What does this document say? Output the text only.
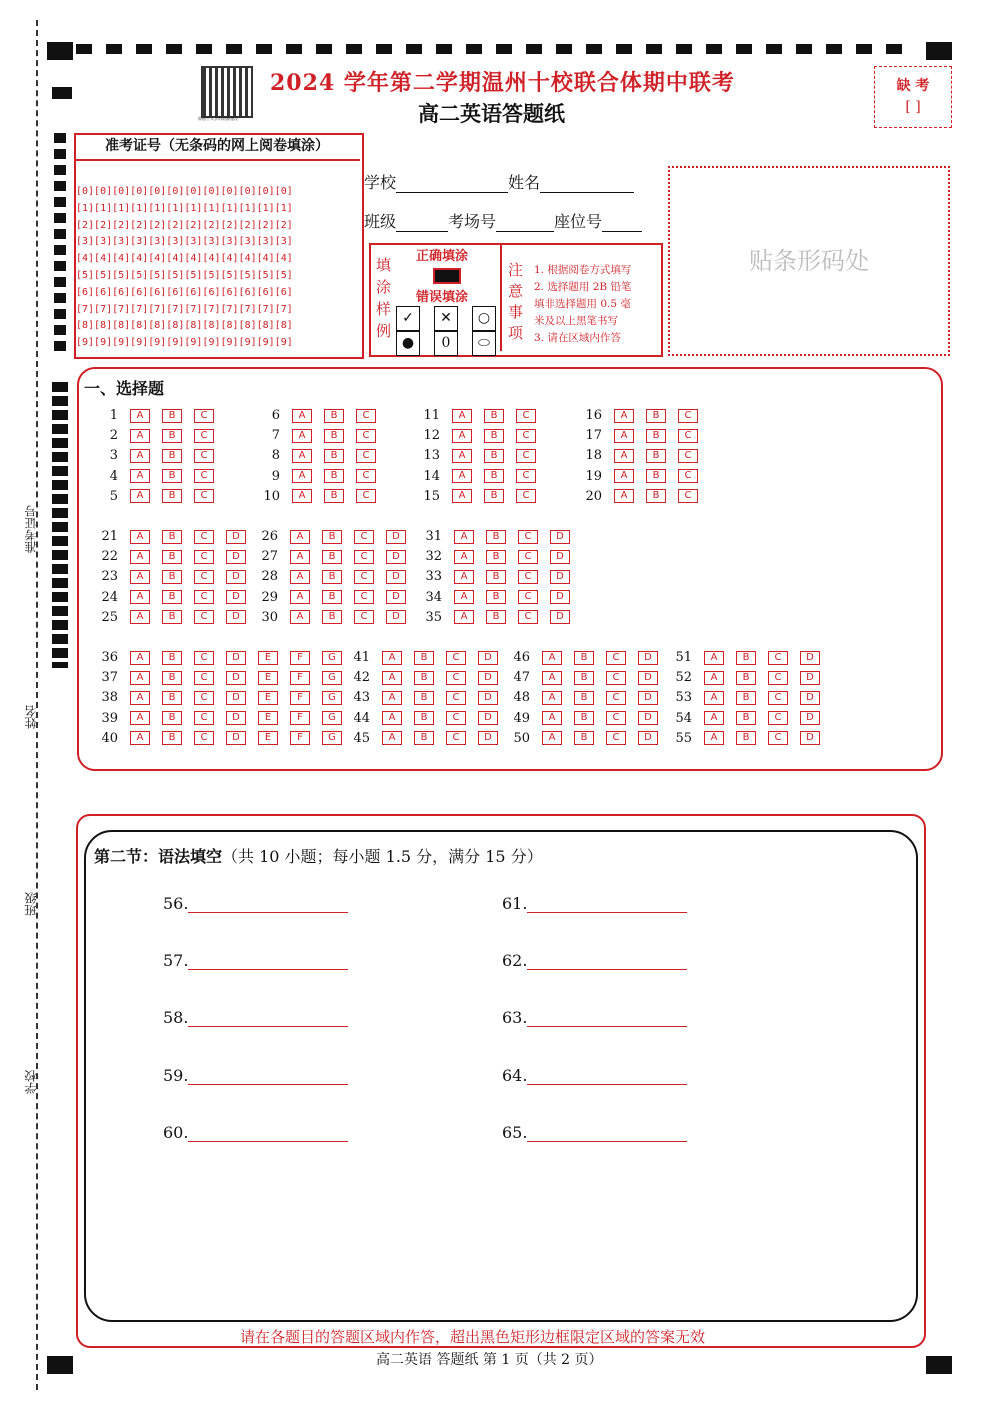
准考证号
姓名
班级
学校
原创个人学科资源建设
2024 学年第二学期温州十校联合体期中联考
高二英语答题纸
缺 考
[ ]
准考证号（无条码的网上阅卷填涂）
[0][0][0][0][0][0][0][0][0][0][0][0]
[1][1][1][1][1][1][1][1][1][1][1][1]
[2][2][2][2][2][2][2][2][2][2][2][2]
[3][3][3][3][3][3][3][3][3][3][3][3]
[4][4][4][4][4][4][4][4][4][4][4][4]
[5][5][5][5][5][5][5][5][5][5][5][5]
[6][6][6][6][6][6][6][6][6][6][6][6]
[7][7][7][7][7][7][7][7][7][7][7][7]
[8][8][8][8][8][8][8][8][8][8][8][8]
[9][9][9][9][9][9][9][9][9][9][9][9]
学校	姓名
班级	考场号	座位号
贴条形码处
填涂样例
正确填涂
错误填涂
✓ ✕ ○
● 0 ⬭
注意事项
1. 根据阅卷方式填写
2. 选择题用 2B 铅笔
填非选择题用 0.5 毫
米及以上黑笔书写
3. 请在区域内作答
一、选择题
1 A	B	C
2 A	B	C
3 A	B	C
4 A	B	C
5 A	B	C
6 A	B	C
7 A	B	C
8 A	B	C
9 A	B	C
10 A	B	C
11 A	B	C
12 A	B	C
13 A	B	C
14 A	B	C
15 A	B	C
16 A	B	C
17 A	B	C
18 A	B	C
19 A	B	C
20 A	B	C
21 A	B	C D
22 A	B	C D
23 A	B	C D
24 A	B	C D
25 A	B	C D
26 A	B	C D
27 A	B	C D
28 A	B	C D
29 A	B	C D
30 A	B	C D
31 A	B	C D
32 A	B	C D
33 A	B	C D
34 A	B	C D
35 A	B	C D
36 A	B	C D E	F	G
37 A	B	C D E	F	G
38 A	B	C D E	F	G
39 A	B	C D E	F	G
40 A	B	C D E	F	G
41 A	B	C D
42 A	B	C D
43 A	B	C D
44 A	B	C D
45 A	B	C D
46 A	B	C D
47 A	B	C D
48 A	B	C D
49 A	B	C D
50 A	B	C D
51 A	B	C D
52 A	B	C D
53 A	B	C D
54 A	B	C D
55 A	B	C D
第二节：语法填空（共 10 小题；每小题 1.5 分，满分 15 分）
56.
57.
58.
59.
60.
61.
62.
63.
64.
65.
请在各题目的答题区域内作答，超出黑色矩形边框限定区域的答案无效
高二英语 答题纸 第 1 页（共 2 页）
